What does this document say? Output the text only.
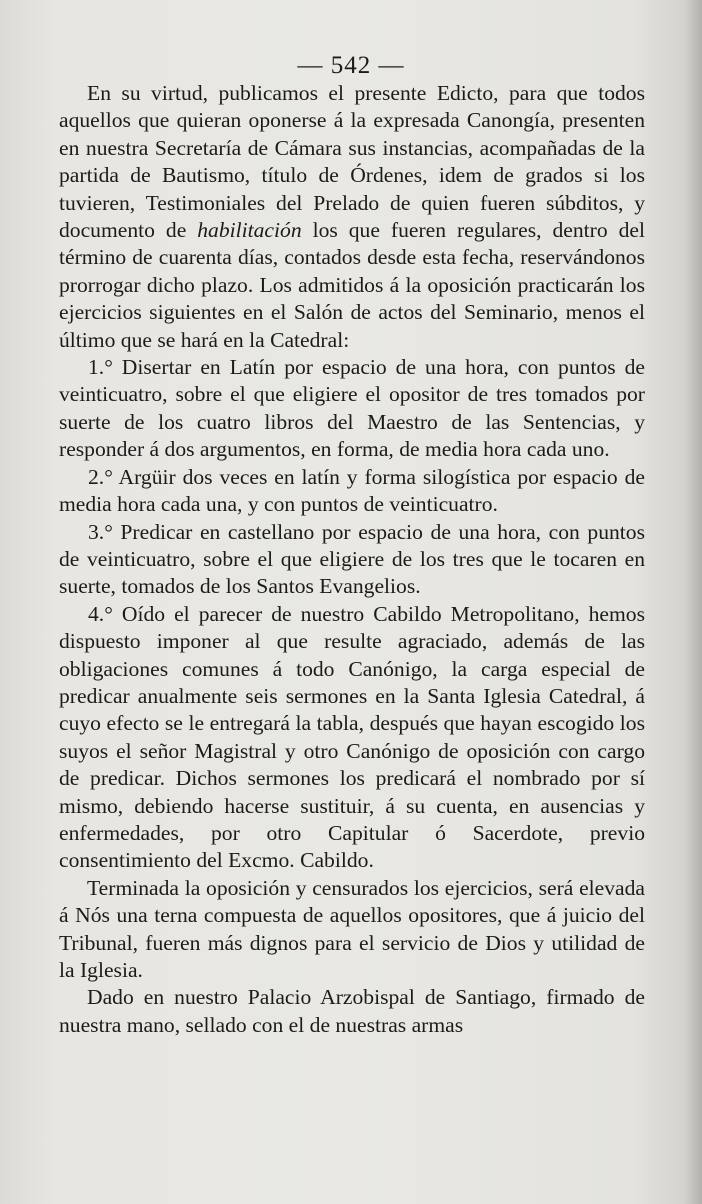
— 542 —

En su virtud, publicamos el presente Edicto, para que todos aquellos que quieran oponerse á la expresada Canongía, presenten en nuestra Secretaría de Cámara sus instancias, acompañadas de la partida de Bautismo, título de Órdenes, idem de grados si los tuvieren, Testimoniales del Prelado de quien fueren súbditos, y documento de habilitación los que fueren regulares, dentro del término de cuarenta días, contados desde esta fecha, reservándonos prorrogar dicho plazo. Los admitidos á la oposición practicarán los ejercicios siguientes en el Salón de actos del Seminario, menos el último que se hará en la Catedral:

1.° Disertar en Latín por espacio de una hora, con puntos de veinticuatro, sobre el que eligiere el opositor de tres tomados por suerte de los cuatro libros del Maestro de las Sentencias, y responder á dos argumentos, en forma, de media hora cada uno.

2.° Argüir dos veces en latín y forma silogística por espacio de media hora cada una, y con puntos de veinticuatro.

3.° Predicar en castellano por espacio de una hora, con puntos de veinticuatro, sobre el que eligiere de los tres que le tocaren en suerte, tomados de los Santos Evangelios.

4.° Oído el parecer de nuestro Cabildo Metropolitano, hemos dispuesto imponer al que resulte agraciado, además de las obligaciones comunes á todo Canónigo, la carga especial de predicar anualmente seis sermones en la Santa Iglesia Catedral, á cuyo efecto se le entregará la tabla, después que hayan escogido los suyos el señor Magistral y otro Canónigo de oposición con cargo de predicar. Dichos sermones los predicará el nombrado por sí mismo, debiendo hacerse sustituir, á su cuenta, en ausencias y enfermedades, por otro Capitular ó Sacerdote, previo consentimiento del Excmo. Cabildo.

Terminada la oposición y censurados los ejercicios, será elevada á Nós una terna compuesta de aquellos opositores, que á juicio del Tribunal, fueren más dignos para el servicio de Dios y utilidad de la Iglesia.

Dado en nuestro Palacio Arzobispal de Santiago, firmado de nuestra mano, sellado con el de nuestras armas
